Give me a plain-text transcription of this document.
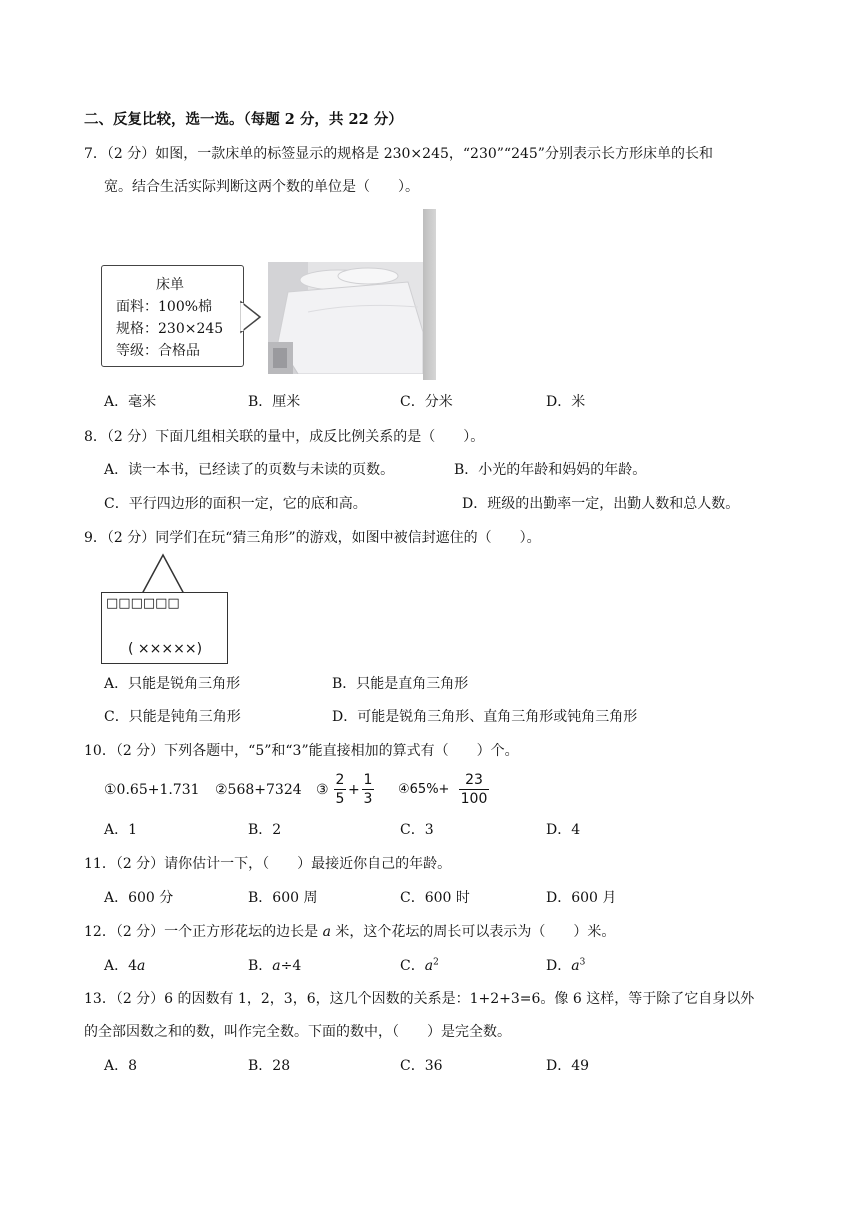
二、反复比较，选一选。（每题 2 分，共 22 分）
7．（2 分）如图，一款床单的标签显示的规格是 230×245，“230”“245”分别表示长方形床单的长和
宽。结合生活实际判断这两个数的单位是（　　）。
床单
面料：100%棉
规格：230×245
等级：合格品
A．毫米	B．厘米	C．分米	D．米
8．（2 分）下面几组相关联的量中，成反比例关系的是（　　）。
A．读一本书，已经读了的页数与未读的页数。	B．小光的年龄和妈妈的年龄。
C．平行四边形的面积一定，它的底和高。	D．班级的出勤率一定，出勤人数和总人数。
9．（2 分）同学们在玩“猜三角形”的游戏，如图中被信封遮住的（　　）。
□□□□□□
( ×××××)
A．只能是锐角三角形	B．只能是直角三角形
C．只能是钝角三角形	D．可能是锐角三角形、直角三角形或钝角三角形
10．（2 分）下列各题中，“5”和“3”能直接相加的算式有（　　）个。
①0.65+1.731 ②568+7324 ③
2
5
+
1
3
④65%+
23
100
A．1	B．2	C．3	D．4
11．（2 分）请你估计一下，（　　）最接近你自己的年龄。
A．600 分	B．600 周	C．600 时	D．600 月
12．（2 分）一个正方形花坛的边长是 a 米，这个花坛的周长可以表示为（　　）米。
A．4a	B．a÷4	C．$a^2$	D．$a^3$
13．（2 分）6 的因数有 1，2，3，6，这几个因数的关系是：1+2+3=6。像 6 这样，等于除了它自身以外
的全部因数之和的数，叫作完全数。下面的数中，（　　）是完全数。
A．8	B．28	C．36	D．49
